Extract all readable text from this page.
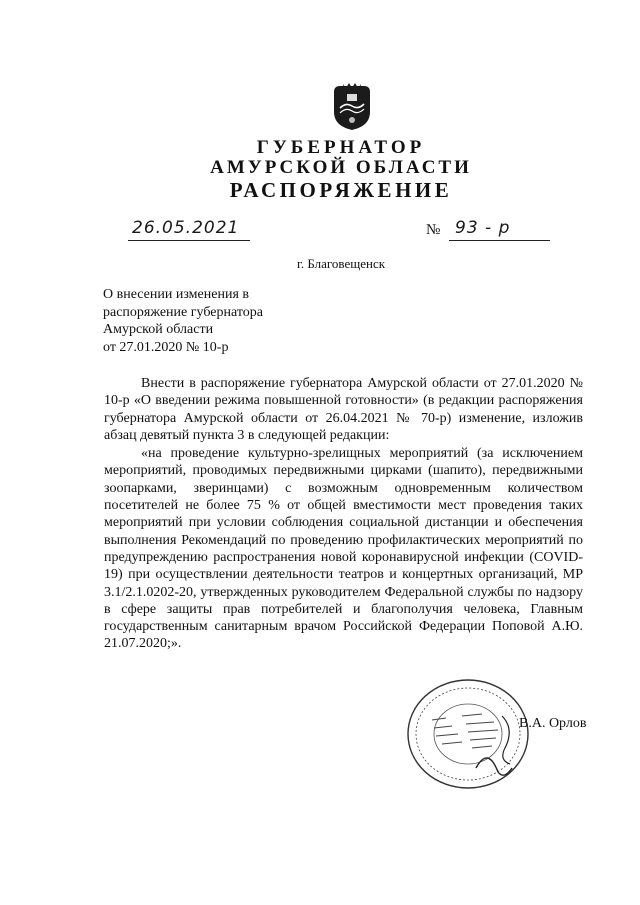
ГУБЕРНАТОР
АМУРСКОЙ ОБЛАСТИ
РАСПОРЯЖЕНИЕ
26.05.2021	№ 93 - р
г. Благовещенск
О внесении изменения в
распоряжение губернатора
Амурской области
от 27.01.2020 № 10-р

Внести в распоряжение губернатора Амурской области от 27.01.2020 № 10-р «О введении режима повышенной готовности» (в редакции распоряжения губернатора Амурской области от 26.04.2021 № 70-р) изменение, изложив абзац девятый пункта 3 в следующей редакции:

«на проведение культурно-зрелищных мероприятий (за исключением мероприятий, проводимых передвижными цирками (шапито), передвижными зоопарками, зверинцами) с возможным одновременным количеством посетителей не более 75 % от общей вместимости мест проведения таких мероприятий при условии соблюдения социальной дистанции и обеспечения выполнения Рекомендаций по проведению профилактических мероприятий по предупреждению распространения новой коронавирусной инфекции (COVID-19) при осуществлении деятельности театров и концертных организаций, МР 3.1/2.1.0202-20, утвержденных руководителем Федеральной службы по надзору в сфере защиты прав потребителей и благополучия человека, Главным государственным санитарным врачом Российской Федерации Поповой А.Ю. 21.07.2020;».

В.А. Орлов
